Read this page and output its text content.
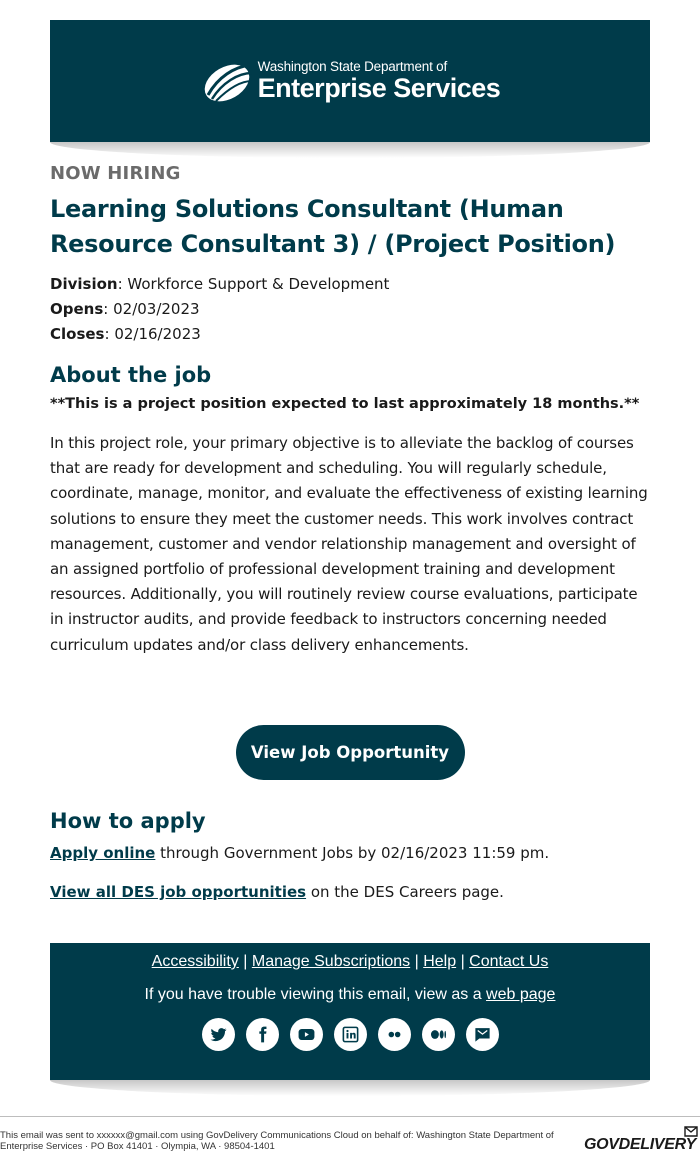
Washington State Department of
Enterprise Services
NOW HIRING
Learning Solutions Consultant (Human Resource Consultant 3) / (Project Position)
Division: Workforce Support & Development
Opens: 02/03/2023
Closes: 02/16/2023
About the job

**This is a project position expected to last approximately 18 months.**

In this project role, your primary objective is to alleviate the backlog of courses that are ready for development and scheduling. You will regularly schedule, coordinate, manage, monitor, and evaluate the effectiveness of existing learning solutions to ensure they meet the customer needs. This work involves contract management, customer and vendor relationship management and oversight of an assigned portfolio of professional development training and development resources. Additionally, you will routinely review course evaluations, participate in instructor audits, and provide feedback to instructors concerning needed curriculum updates and/or class delivery enhancements.

View Job Opportunity
How to apply

Apply online through Government Jobs by 02/16/2023 11:59 pm.

View all DES job opportunities on the DES Careers page.

Accessibility | Manage Subscriptions | Help | Contact Us
If you have trouble viewing this email, view as a web page
This email was sent to xxxxxx@gmail.com using GovDelivery Communications Cloud on behalf of: Washington State Department of Enterprise Services · PO Box 41401 · Olympia, WA · 98504-1401	GOVDELIVERY
